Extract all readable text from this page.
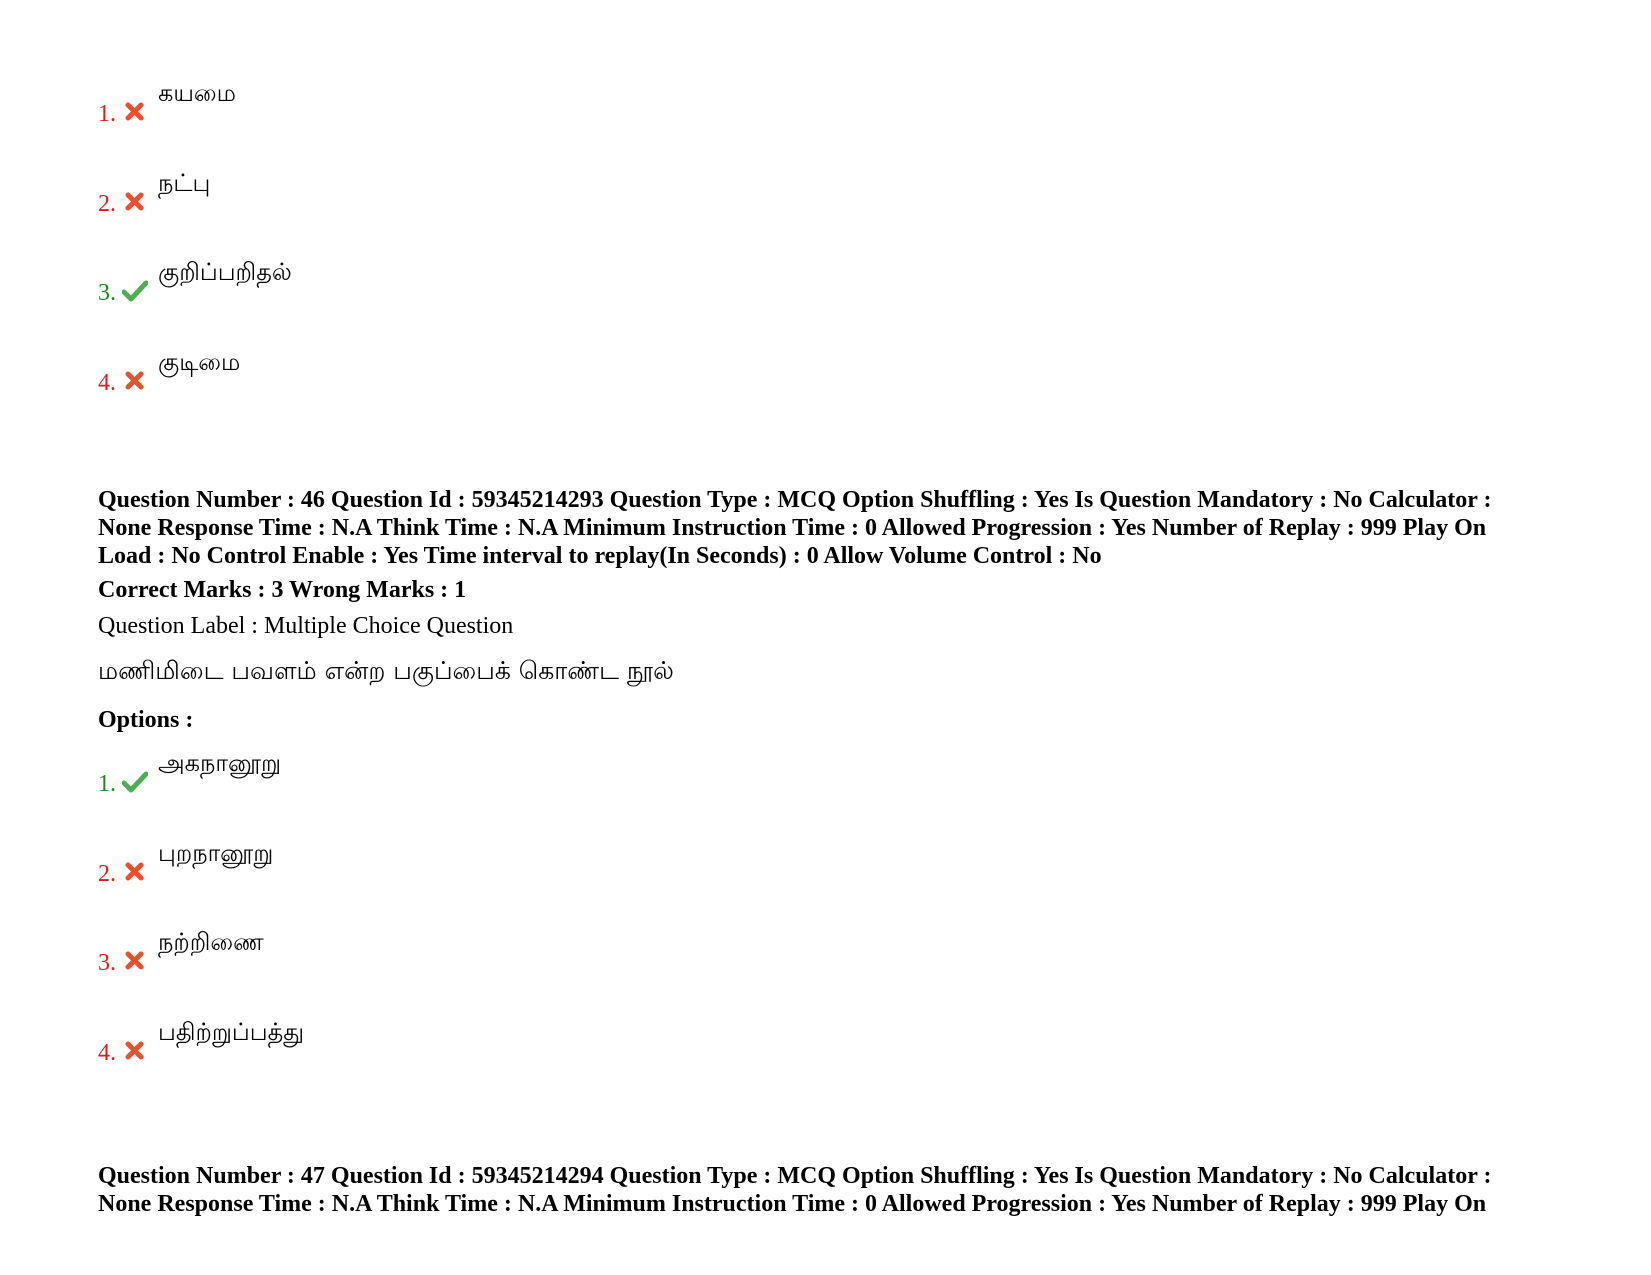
1.
கயமை
2.
நட்பு
3.
குறிப்பறிதல்
4.
குடிமை
Question Number : 46 Question Id : 59345214293 Question Type : MCQ Option Shuffling : Yes Is Question Mandatory : No Calculator :
None Response Time : N.A Think Time : N.A Minimum Instruction Time : 0 Allowed Progression : Yes Number of Replay : 999 Play On
Load : No Control Enable : Yes Time interval to replay(In Seconds) : 0 Allow Volume Control : No
Correct Marks : 3 Wrong Marks : 1
Question Label : Multiple Choice Question
மணிமிடை பவளம் என்ற பகுப்பைக் கொண்ட நூல்
Options :
1.
அகநானூறு
2.
புறநானூறு
3.
நற்றிணை
4.
பதிற்றுப்பத்து
Question Number : 47 Question Id : 59345214294 Question Type : MCQ Option Shuffling : Yes Is Question Mandatory : No Calculator :
None Response Time : N.A Think Time : N.A Minimum Instruction Time : 0 Allowed Progression : Yes Number of Replay : 999 Play On
